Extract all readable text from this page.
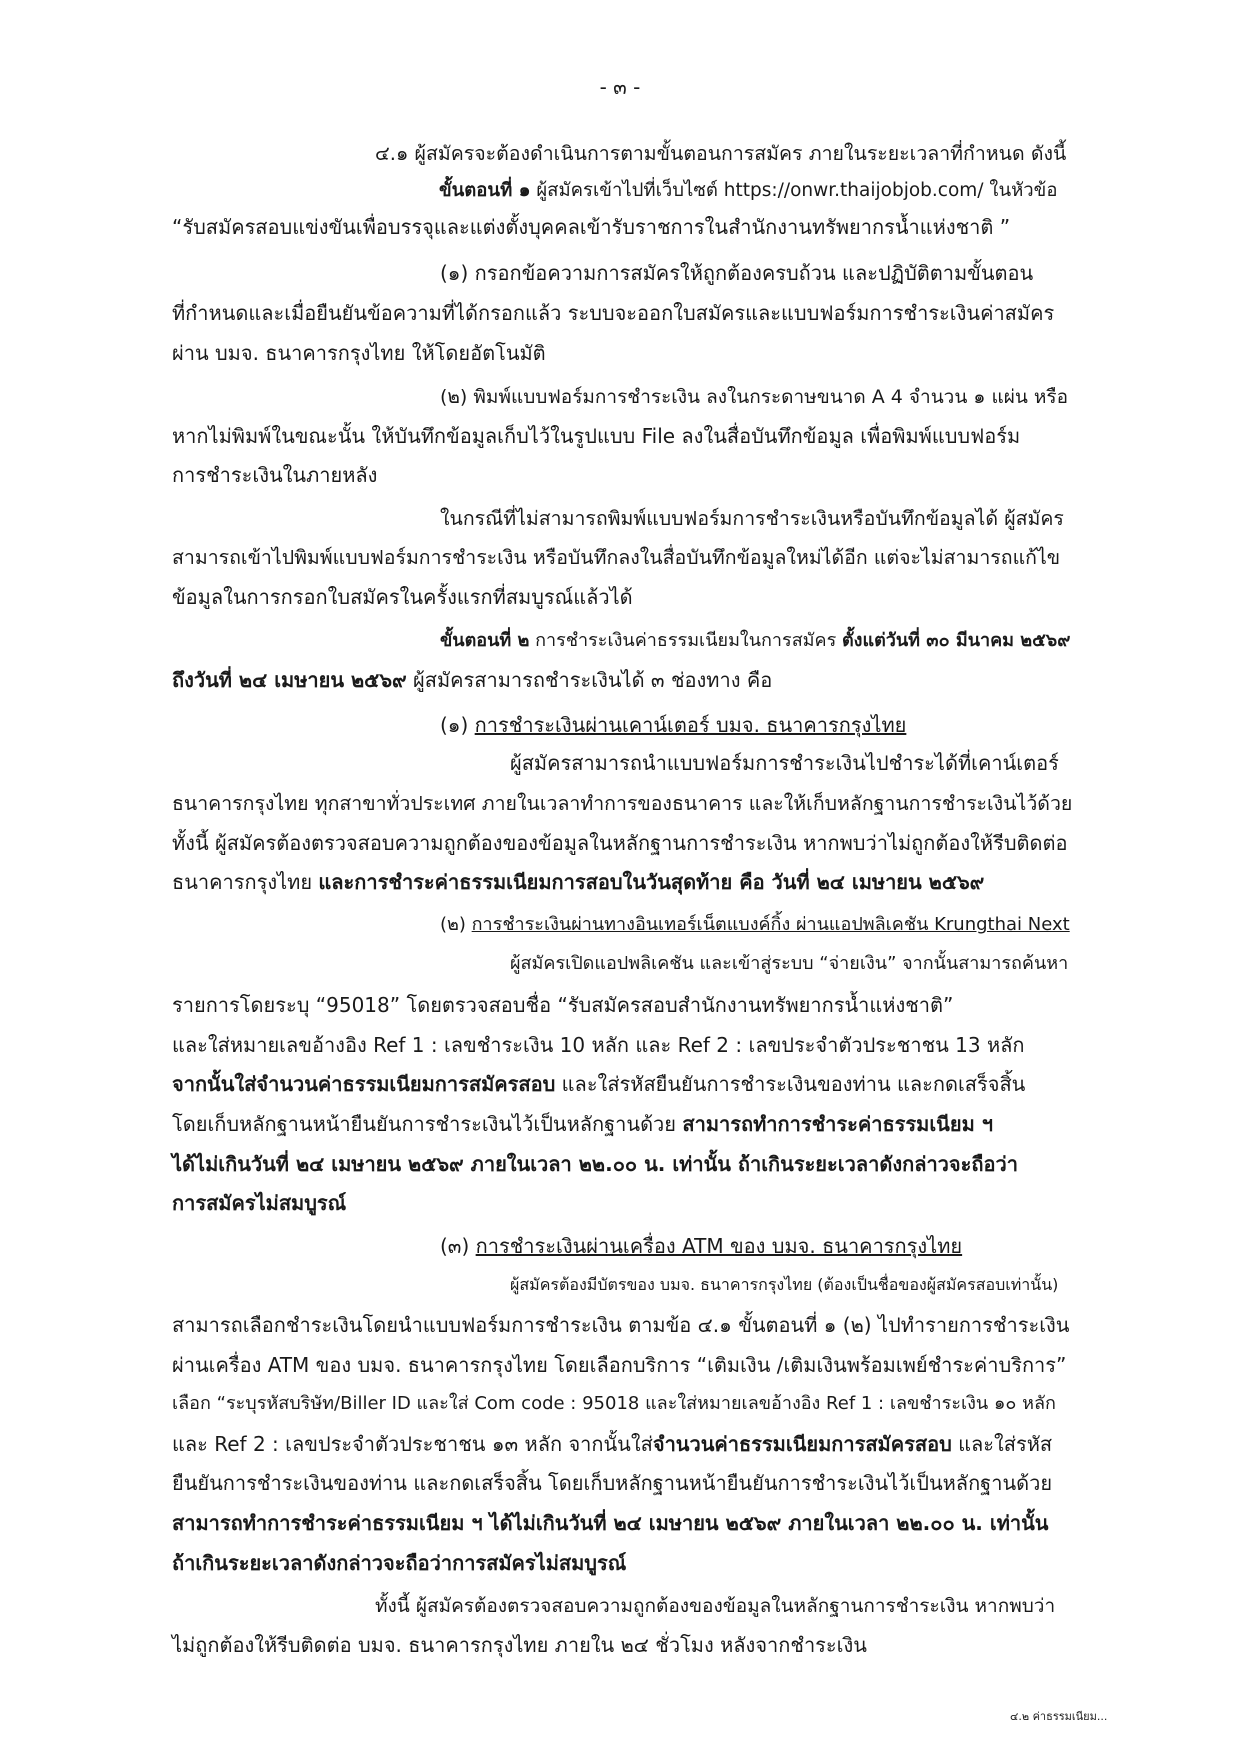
- ๓ -
๔.๑ ผู้สมัครจะต้องดำเนินการตามขั้นตอนการสมัคร ภายในระยะเวลาที่กำหนด ดังนี้
ขั้นตอนที่ ๑ ผู้สมัครเข้าไปที่เว็บไซต์ https://onwr.thaijobjob.com/ ในหัวข้อ
“รับสมัครสอบแข่งขันเพื่อบรรจุและแต่งตั้งบุคคลเข้ารับราชการในสำนักงานทรัพยากรน้ำแห่งชาติ ”
(๑) กรอกข้อความการสมัครให้ถูกต้องครบถ้วน และปฏิบัติตามขั้นตอน
ที่กำหนดและเมื่อยืนยันข้อความที่ได้กรอกแล้ว ระบบจะออกใบสมัครและแบบฟอร์มการชำระเงินค่าสมัคร
ผ่าน บมจ. ธนาคารกรุงไทย ให้โดยอัตโนมัติ
(๒) พิมพ์แบบฟอร์มการชำระเงิน ลงในกระดาษขนาด A 4 จำนวน ๑ แผ่น หรือ
หากไม่พิมพ์ในขณะนั้น ให้บันทึกข้อมูลเก็บไว้ในรูปแบบ File ลงในสื่อบันทึกข้อมูล เพื่อพิมพ์แบบฟอร์ม
การชำระเงินในภายหลัง
ในกรณีที่ไม่สามารถพิมพ์แบบฟอร์มการชำระเงินหรือบันทึกข้อมูลได้ ผู้สมัคร
สามารถเข้าไปพิมพ์แบบฟอร์มการชำระเงิน หรือบันทึกลงในสื่อบันทึกข้อมูลใหม่ได้อีก แต่จะไม่สามารถแก้ไข
ข้อมูลในการกรอกใบสมัครในครั้งแรกที่สมบูรณ์แล้วได้
ขั้นตอนที่ ๒ การชำระเงินค่าธรรมเนียมในการสมัคร ตั้งแต่วันที่ ๓๐ มีนาคม ๒๕๖๙
ถึงวันที่ ๒๔ เมษายน ๒๕๖๙ ผู้สมัครสามารถชำระเงินได้ ๓ ช่องทาง คือ
(๑) การชำระเงินผ่านเคาน์เตอร์ บมจ. ธนาคารกรุงไทย
ผู้สมัครสามารถนำแบบฟอร์มการชำระเงินไปชำระได้ที่เคาน์เตอร์
ธนาคารกรุงไทย ทุกสาขาทั่วประเทศ ภายในเวลาทำการของธนาคาร และให้เก็บหลักฐานการชำระเงินไว้ด้วย
ทั้งนี้ ผู้สมัครต้องตรวจสอบความถูกต้องของข้อมูลในหลักฐานการชำระเงิน หากพบว่าไม่ถูกต้องให้รีบติดต่อ
ธนาคารกรุงไทย และการชำระค่าธรรมเนียมการสอบในวันสุดท้าย คือ วันที่ ๒๔ เมษายน ๒๕๖๙
(๒) การชำระเงินผ่านทางอินเทอร์เน็ตแบงค์กิ้ง ผ่านแอปพลิเคชัน Krungthai Next
ผู้สมัครเปิดแอปพลิเคชัน และเข้าสู่ระบบ “จ่ายเงิน” จากนั้นสามารถค้นหา
รายการโดยระบุ “95018” โดยตรวจสอบชื่อ “รับสมัครสอบสำนักงานทรัพยากรน้ำแห่งชาติ”
และใส่หมายเลขอ้างอิง Ref 1 : เลขชำระเงิน 10 หลัก และ Ref 2 : เลขประจำตัวประชาชน 13 หลัก
จากนั้นใส่จำนวนค่าธรรมเนียมการสมัครสอบ และใส่รหัสยืนยันการชำระเงินของท่าน และกดเสร็จสิ้น
โดยเก็บหลักฐานหน้ายืนยันการชำระเงินไว้เป็นหลักฐานด้วย สามารถทำการชำระค่าธรรมเนียม ฯ
ได้ไม่เกินวันที่ ๒๔ เมษายน ๒๕๖๙ ภายในเวลา ๒๒.๐๐ น. เท่านั้น ถ้าเกินระยะเวลาดังกล่าวจะถือว่า
การสมัครไม่สมบูรณ์
(๓) การชำระเงินผ่านเครื่อง ATM ของ บมจ. ธนาคารกรุงไทย
ผู้สมัครต้องมีบัตรของ บมจ. ธนาคารกรุงไทย (ต้องเป็นชื่อของผู้สมัครสอบเท่านั้น)
สามารถเลือกชำระเงินโดยนำแบบฟอร์มการชำระเงิน ตามข้อ ๔.๑ ขั้นตอนที่ ๑ (๒) ไปทำรายการชำระเงิน
ผ่านเครื่อง ATM ของ บมจ. ธนาคารกรุงไทย โดยเลือกบริการ “เติมเงิน /เติมเงินพร้อมเพย์ชำระค่าบริการ”
เลือก “ระบุรหัสบริษัท/Biller ID และใส่ Com code : 95018 และใส่หมายเลขอ้างอิง Ref 1 : เลขชำระเงิน ๑๐ หลัก
และ Ref 2 : เลขประจำตัวประชาชน ๑๓ หลัก จากนั้นใส่จำนวนค่าธรรมเนียมการสมัครสอบ และใส่รหัส
ยืนยันการชำระเงินของท่าน และกดเสร็จสิ้น โดยเก็บหลักฐานหน้ายืนยันการชำระเงินไว้เป็นหลักฐานด้วย
สามารถทำการชำระค่าธรรมเนียม ฯ ได้ไม่เกินวันที่ ๒๔ เมษายน ๒๕๖๙ ภายในเวลา ๒๒.๐๐ น. เท่านั้น
ถ้าเกินระยะเวลาดังกล่าวจะถือว่าการสมัครไม่สมบูรณ์
ทั้งนี้ ผู้สมัครต้องตรวจสอบความถูกต้องของข้อมูลในหลักฐานการชำระเงิน หากพบว่า
ไม่ถูกต้องให้รีบติดต่อ บมจ. ธนาคารกรุงไทย ภายใน ๒๔ ชั่วโมง หลังจากชำระเงิน
๔.๒ ค่าธรรมเนียม...
